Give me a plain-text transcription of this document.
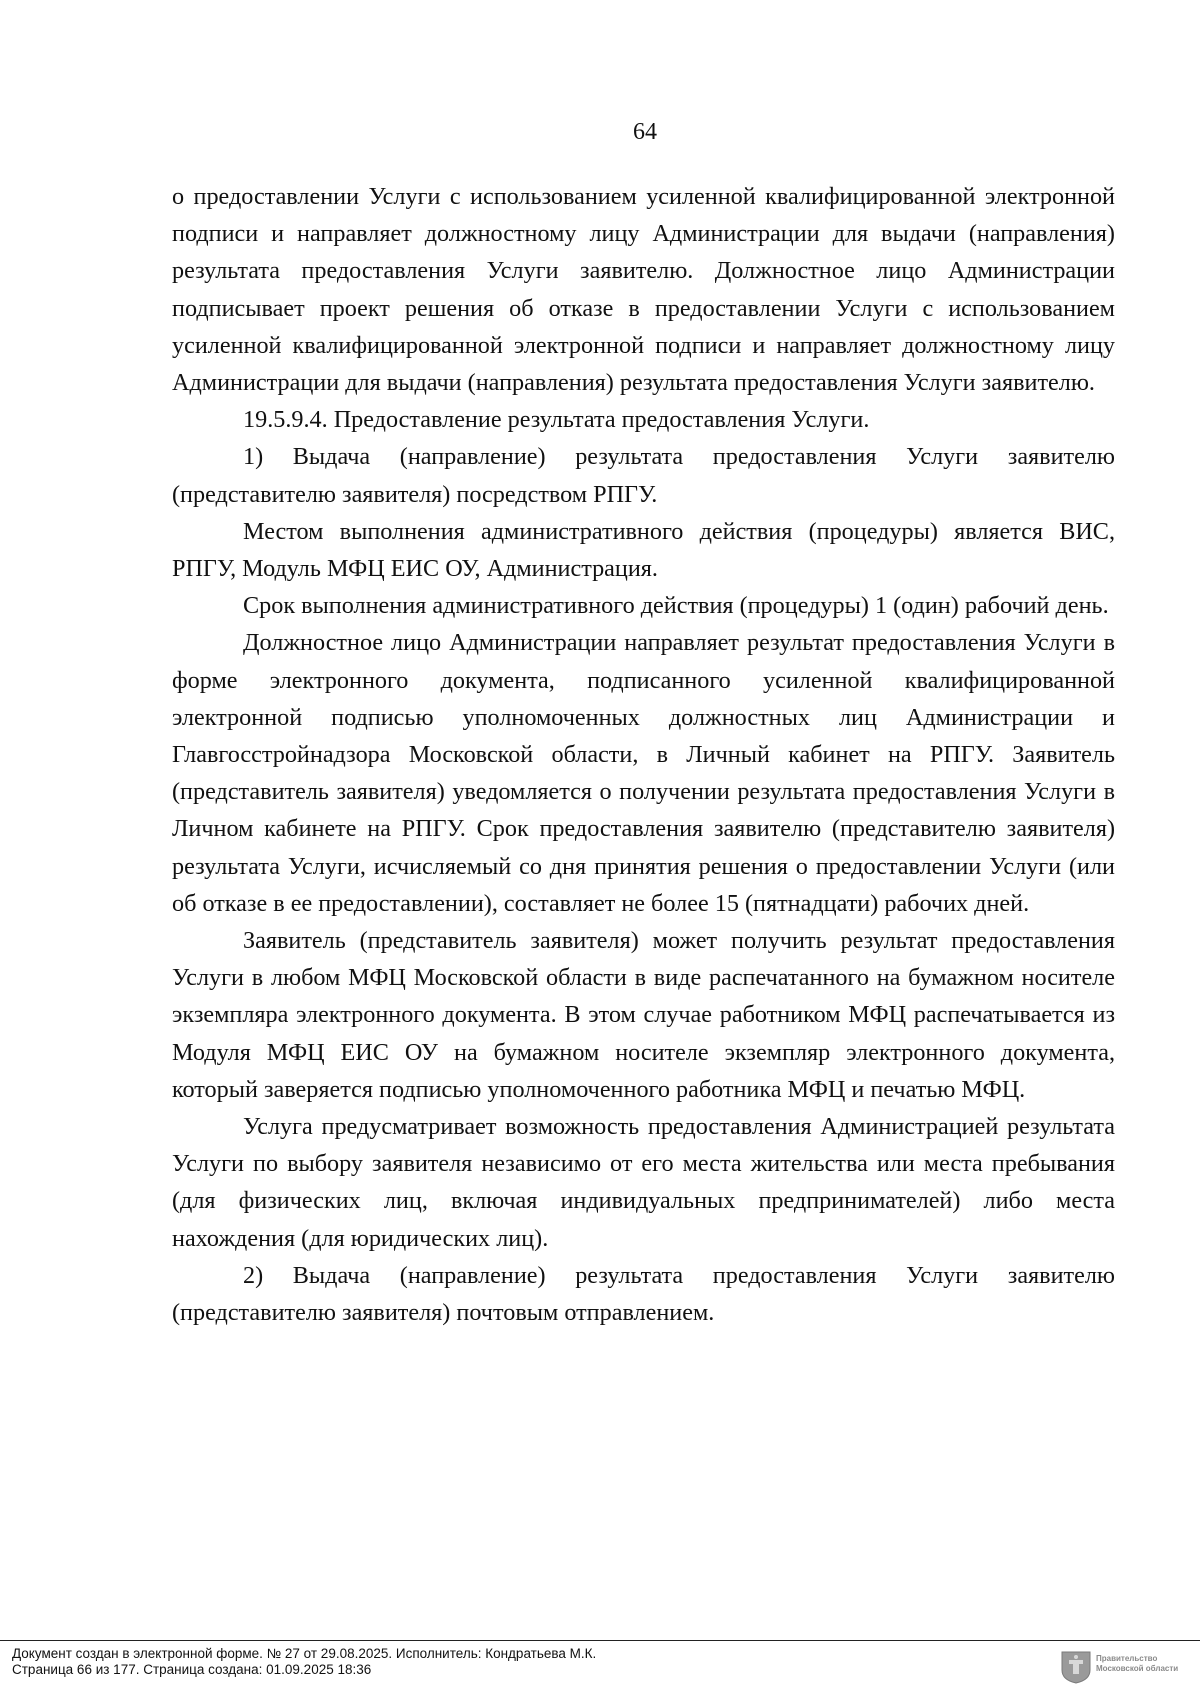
64

о предоставлении Услуги с использованием усиленной квалифицированной электронной подписи и направляет должностному лицу Администрации для выдачи (направления) результата предоставления Услуги заявителю. Должностное лицо Администрации подписывает проект решения об отказе в предоставлении Услуги с использованием усиленной квалифицированной электронной подписи и направляет должностному лицу Администрации для выдачи (направления) результата предоставления Услуги заявителю.

19.5.9.4. Предоставление результата предоставления Услуги.

1) Выдача (направление) результата предоставления Услуги заявителю (представителю заявителя) посредством РПГУ.

Местом выполнения административного действия (процедуры) является ВИС, РПГУ, Модуль МФЦ ЕИС ОУ, Администрация.

Срок выполнения административного действия (процедуры) 1 (один) рабочий день.

Должностное лицо Администрации направляет результат предоставления Услуги в форме электронного документа, подписанного усиленной квалифицированной электронной подписью уполномоченных должностных лиц Администрации и Главгосстройнадзора Московской области, в Личный кабинет на РПГУ. Заявитель (представитель заявителя) уведомляется о получении результата предоставления Услуги в Личном кабинете на РПГУ. Срок предоставления заявителю (представителю заявителя) результата Услуги, исчисляемый со дня принятия решения о предоставлении Услуги (или об отказе в ее предоставлении), составляет не более 15 (пятнадцати) рабочих дней.

Заявитель (представитель заявителя) может получить результат предоставления Услуги в любом МФЦ Московской области в виде распечатанного на бумажном носителе экземпляра электронного документа. В этом случае работником МФЦ распечатывается из Модуля МФЦ ЕИС ОУ на бумажном носителе экземпляр электронного документа, который заверяется подписью уполномоченного работника МФЦ и печатью МФЦ.

Услуга предусматривает возможность предоставления Администрацией результата Услуги по выбору заявителя независимо от его места жительства или места пребывания (для физических лиц, включая индивидуальных предпринимателей) либо места нахождения (для юридических лиц).

2) Выдача (направление) результата предоставления Услуги заявителю (представителю заявителя) почтовым отправлением.

Документ создан в электронной форме. № 27 от 29.08.2025. Исполнитель: Кондратьева М.К.
Страница 66 из 177. Страница создана: 01.09.2025 18:36
Правительство
Московской области
